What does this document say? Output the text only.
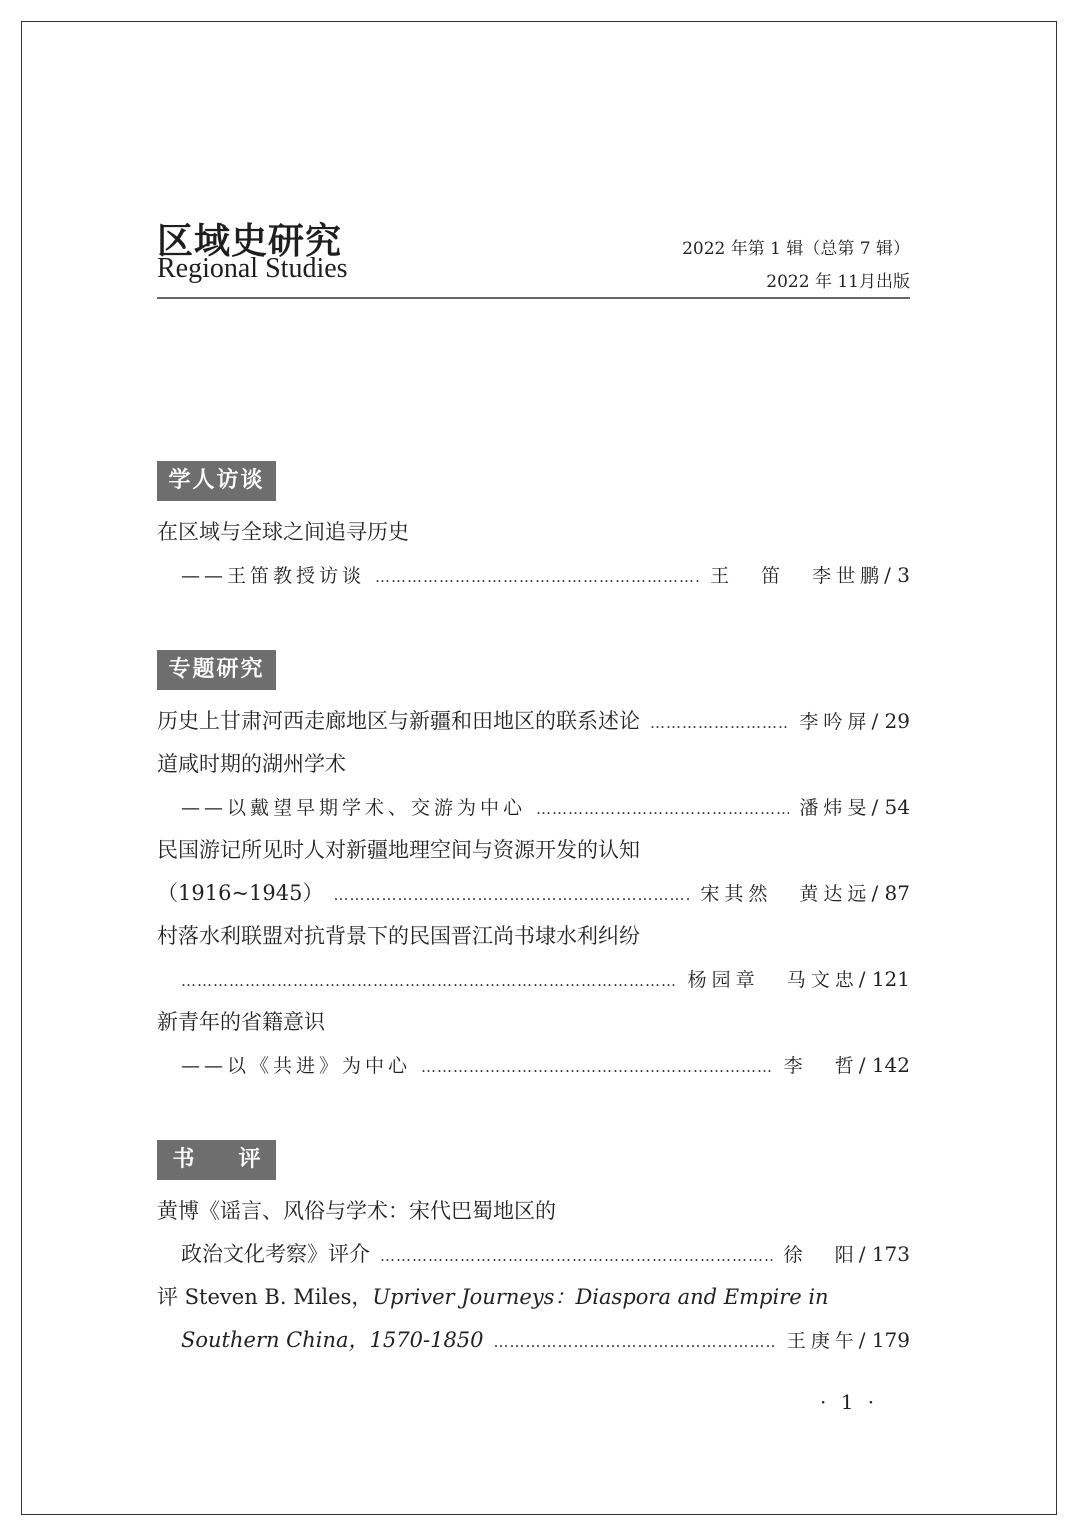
区域史研究
Regional Studies
2022 年第 1 辑（总第 7 辑）
2022 年 11月出版
学人访谈
在区域与全球之间追寻历史
——王笛教授访谈 …………………………………………………………………………………………………………………………	王 笛 李世鹏 / 3
专题研究
历史上甘肃河西走廊地区与新疆和田地区的联系述论 …………………………………………………………………………………………………………………………	李吟屏 / 29
道咸时期的湖州学术
——以戴望早期学术、交游为中心 …………………………………………………………………………………………………………………………	潘炜旻 / 54
民国游记所见时人对新疆地理空间与资源开发的认知
（1916~1945） …………………………………………………………………………………………………………………………	宋其然 黄达远 / 87
村落水利联盟对抗背景下的民国晋江尚书埭水利纠纷
…………………………………………………………………………………………………………………………
杨园章 马文忠 / 121
新青年的省籍意识
——以《共进》为中心 …………………………………………………………………………………………………………………………	李 哲 / 142
书 评
黄博《谣言、风俗与学术：宋代巴蜀地区的
政治文化考察》评介 …………………………………………………………………………………………………………………………	徐 阳 / 173
评 Steven B. Miles，Upriver Journeys：Diaspora and Empire in
Southern China，1570-1850 …………………………………………………………………………………………………………………………	王庚午 / 179
· 1 ·
